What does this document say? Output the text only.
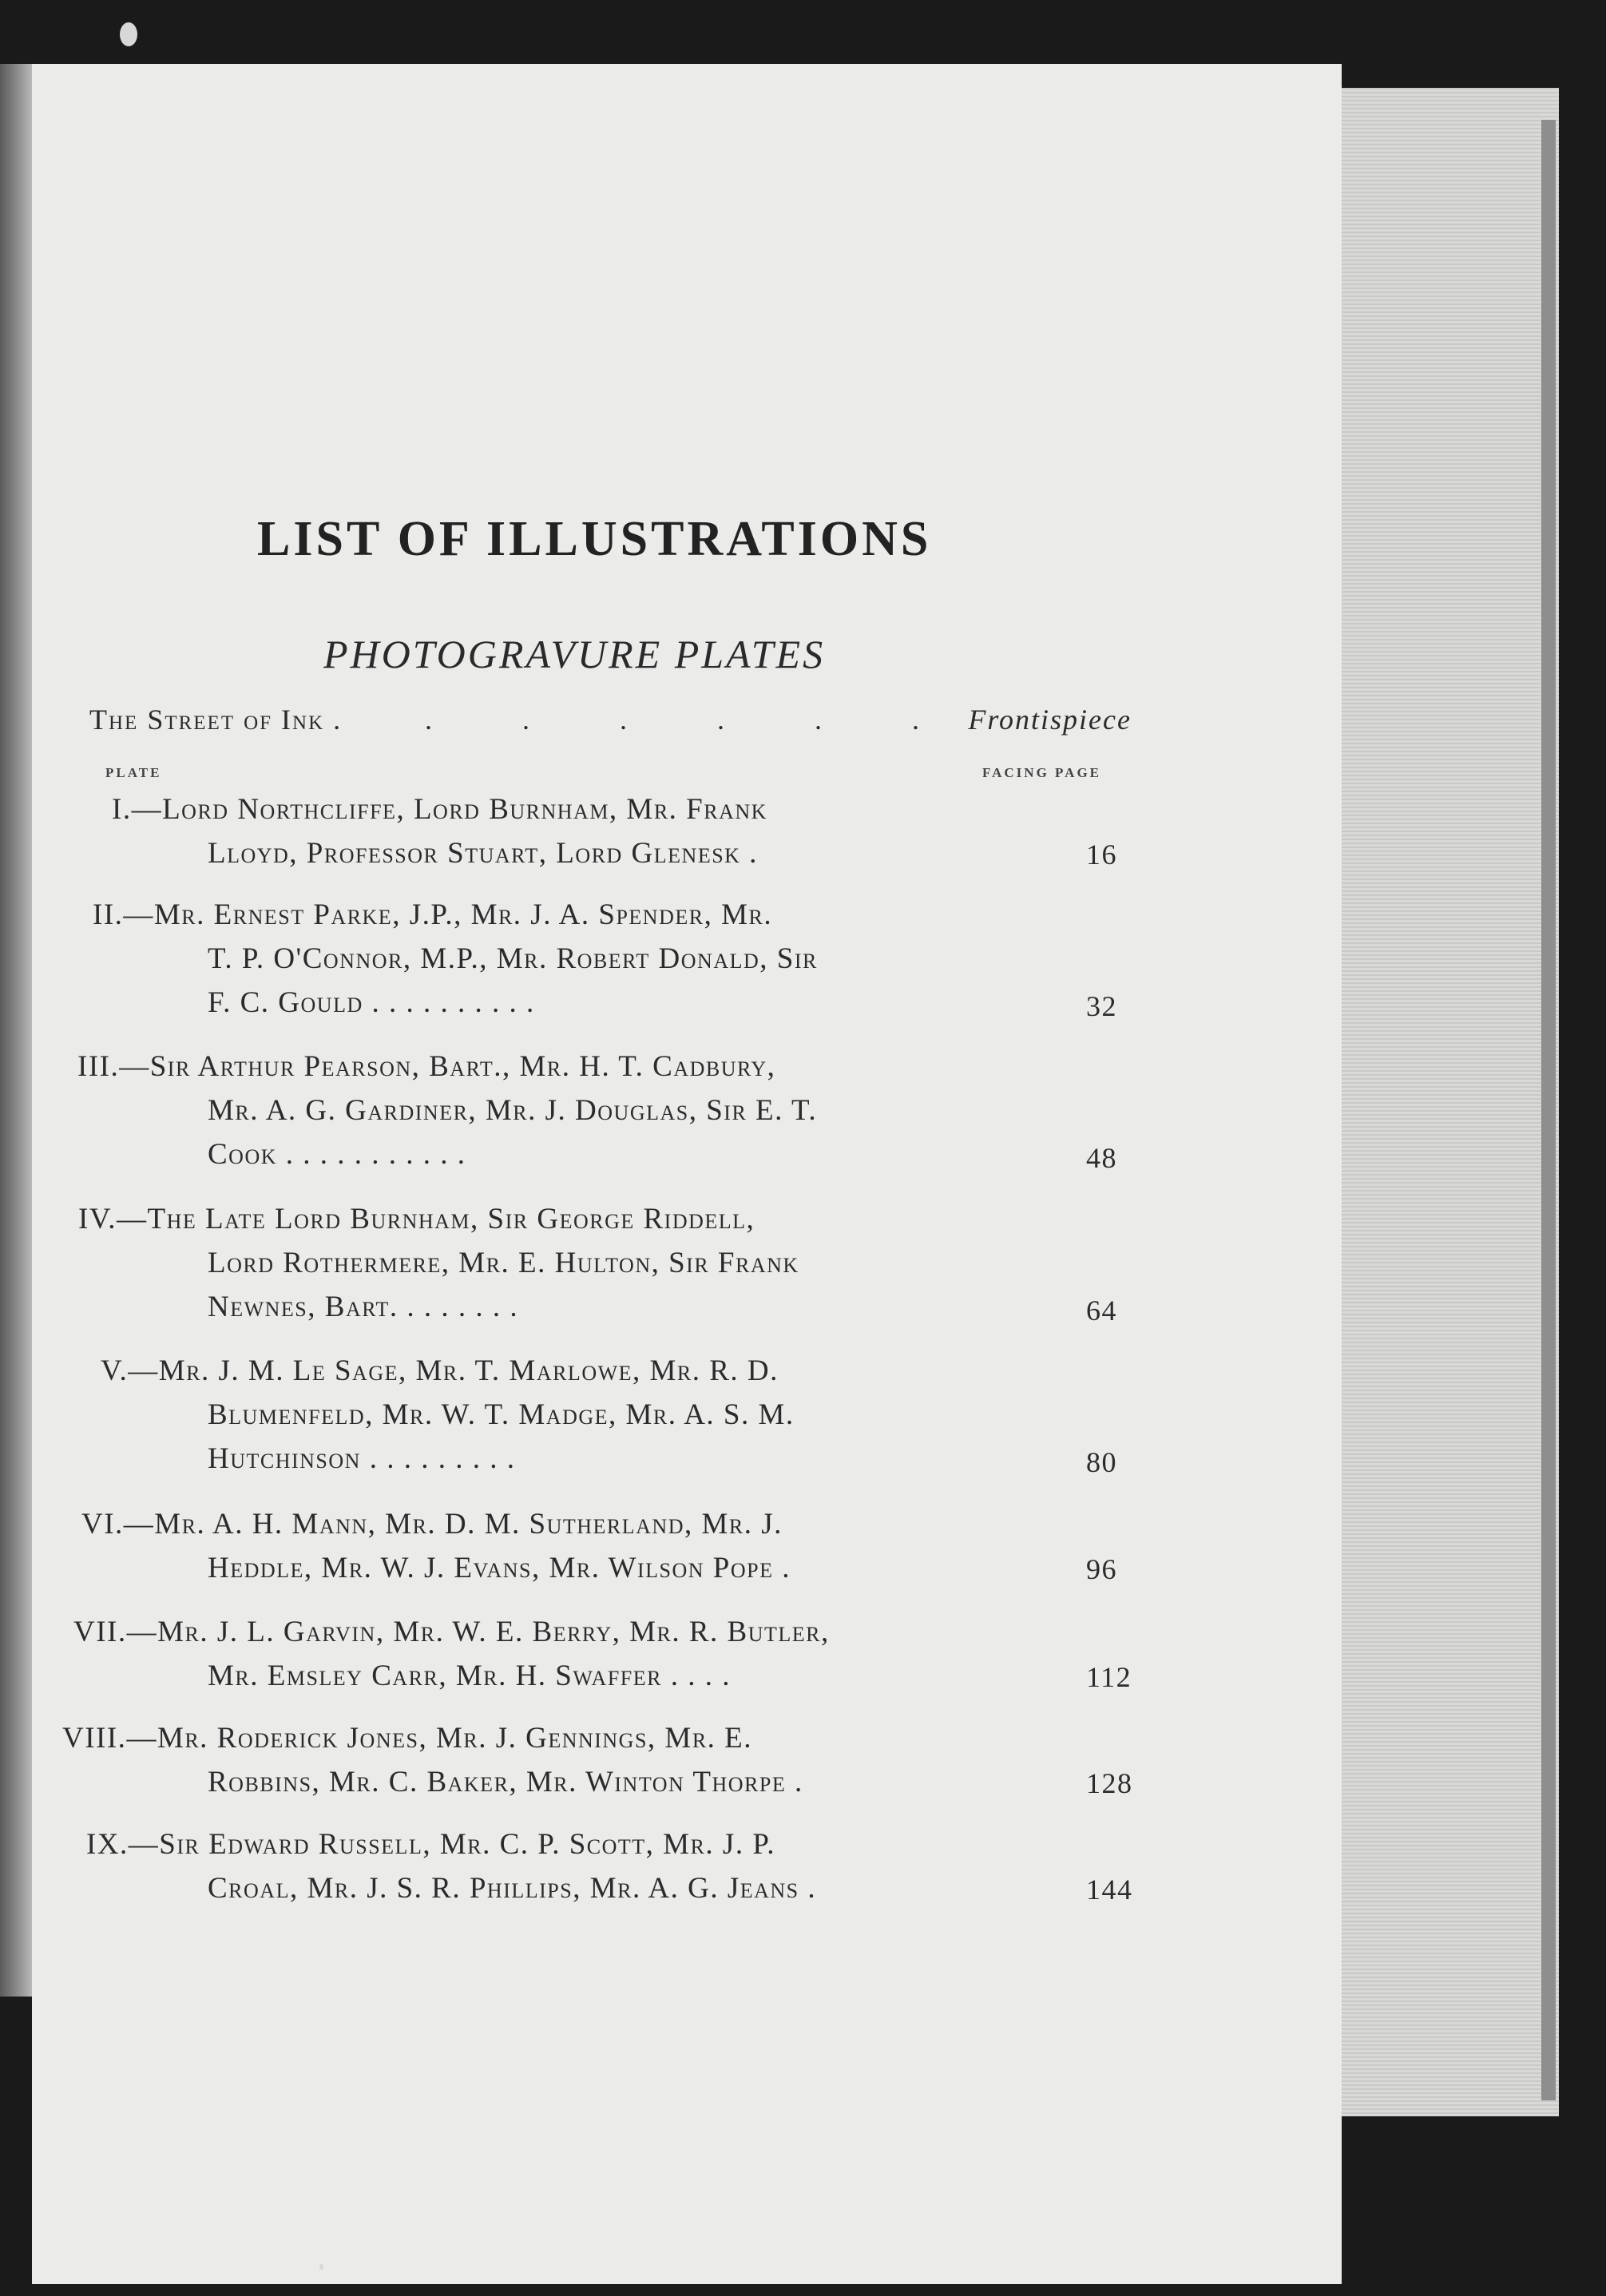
LIST OF ILLUSTRATIONS
PHOTOGRAVURE PLATES
The Street of Ink .	. . . . . . Frontispiece
PLATE	FACING PAGE
I.—Lord Northcliffe, Lord Burnham, Mr. Frank
Lloyd, Professor Stuart, Lord Glenesk .	16
II.—Mr. Ernest Parke, J.P., Mr. J. A. Spender, Mr.
T. P. O'Connor, M.P., Mr. Robert Donald, Sir
F. C. Gould . . . . . . . . . .	32
III.—Sir Arthur Pearson, Bart., Mr. H. T. Cadbury,
Mr. A. G. Gardiner, Mr. J. Douglas, Sir E. T.
Cook . . . . . . . . . . .	48
IV.—The Late Lord Burnham, Sir George Riddell,
Lord Rothermere, Mr. E. Hulton, Sir Frank
Newnes, Bart. . . . . . . .	64
V.—Mr. J. M. Le Sage, Mr. T. Marlowe, Mr. R. D.
Blumenfeld, Mr. W. T. Madge, Mr. A. S. M.
Hutchinson . . . . . . . . .	80
VI.—Mr. A. H. Mann, Mr. D. M. Sutherland, Mr. J.
Heddle, Mr. W. J. Evans, Mr. Wilson Pope .	96
VII.—Mr. J. L. Garvin, Mr. W. E. Berry, Mr. R. Butler,
Mr. Emsley Carr, Mr. H. Swaffer . . . .	112
VIII.—Mr. Roderick Jones, Mr. J. Gennings, Mr. E.
Robbins, Mr. C. Baker, Mr. Winton Thorpe .	128
IX.—Sir Edward Russell, Mr. C. P. Scott, Mr. J. P.
Croal, Mr. J. S. R. Phillips, Mr. A. G. Jeans .	144
